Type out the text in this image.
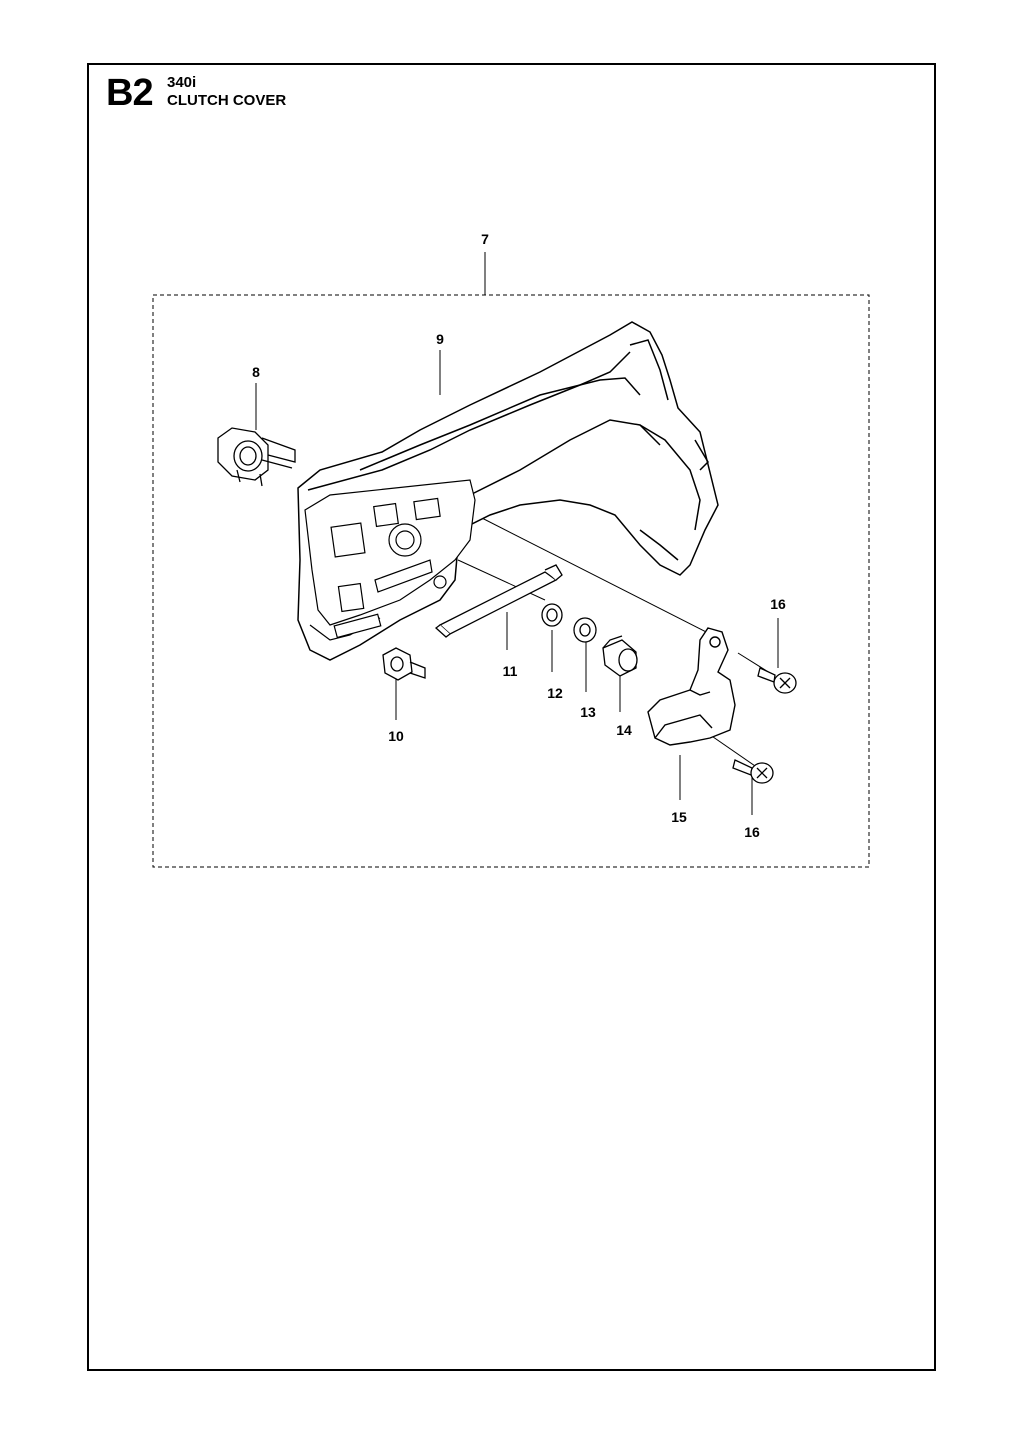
B2 340i
CLUTCH COVER
7
8
9
10
11
12
13
14
15
16
16
